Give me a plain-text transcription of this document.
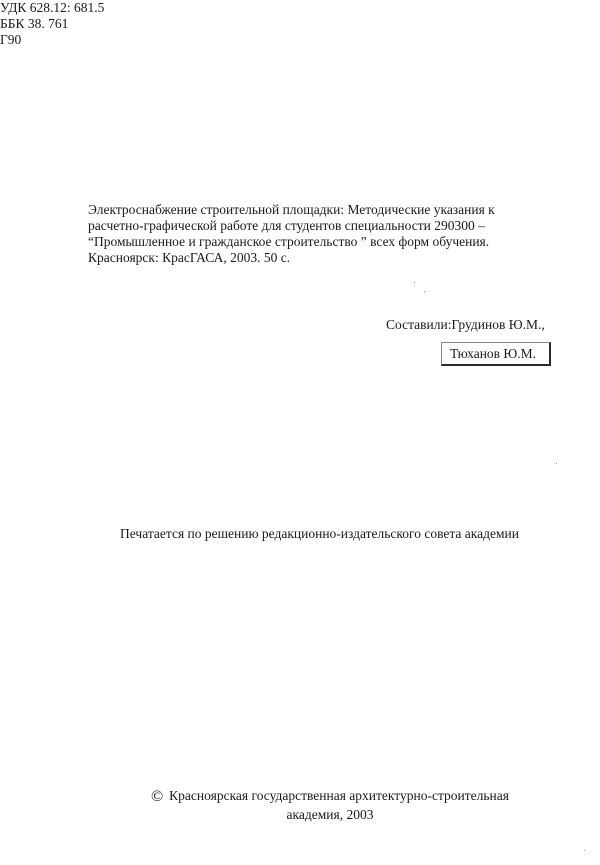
УДК 628.12: 681.5
ББК 38. 761
Г90
Электроснабжение строительной площадки: Методические указания к
расчетно-графической работе для студентов специальности 290300 –
“Промышленное и гражданское строительство ” всех форм обучения.
Красноярск: КрасГАСА, 2003. 50 с.
Составили:Грудинов Ю.М.,
Тюханов Ю.М.
Печатается по решению редакционно-издательского совета академии
© Красноярская государственная архитектурно-строительная
академия, 2003
